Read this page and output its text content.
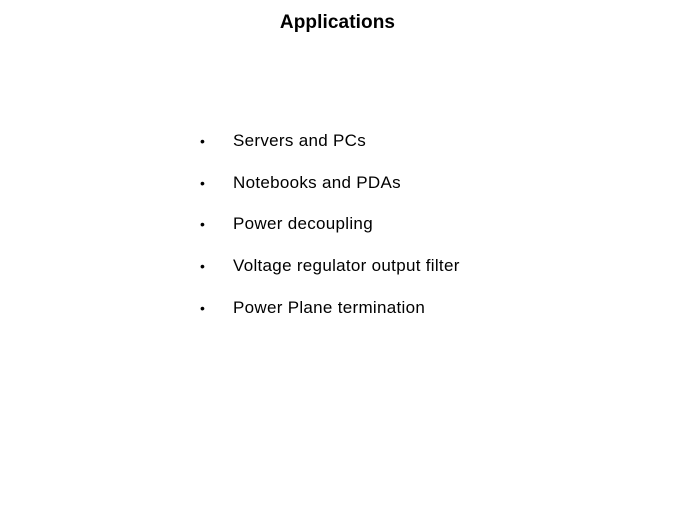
Applications
•	Servers and PCs
•	Notebooks and PDAs
•	Power decoupling
•	Voltage regulator output filter
•	Power Plane termination
